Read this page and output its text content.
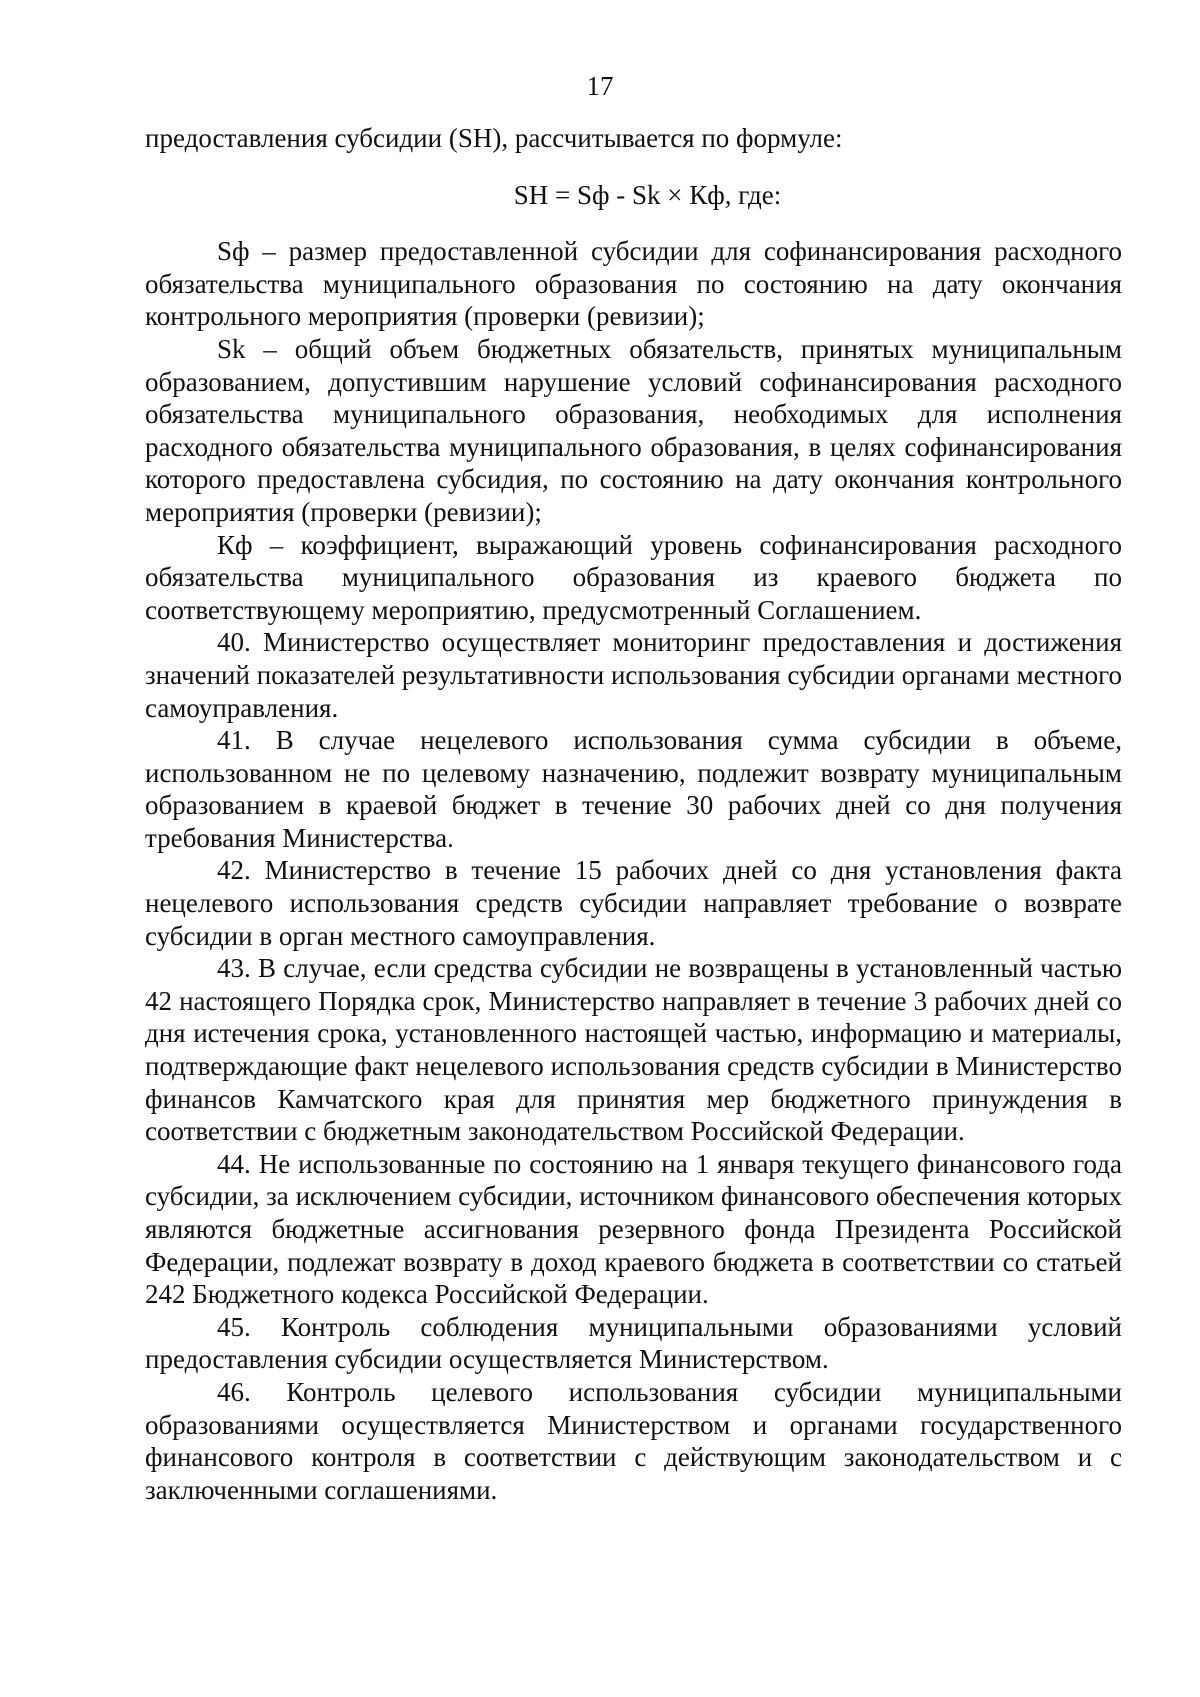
17

предоставления субсидии (SH), рассчитывается по формуле:

SH = Sф - Sk × Кф, где:

Sф – размер предоставленной субсидии для софинансирования расходного обязательства муниципального образования по состоянию на дату окончания контрольного мероприятия (проверки (ревизии);

Sk – общий объем бюджетных обязательств, принятых муниципальным образованием, допустившим нарушение условий софинансирования расходного обязательства муниципального образования, необходимых для исполнения расходного обязательства муниципального образования, в целях софинансирования которого предоставлена субсидия, по состоянию на дату окончания контрольного мероприятия (проверки (ревизии);

Кф – коэффициент, выражающий уровень софинансирования расходного обязательства муниципального образования из краевого бюджета по соответствующему мероприятию, предусмотренный Соглашением.

40. Министерство осуществляет мониторинг предоставления и достижения значений показателей результативности использования субсидии органами местного самоуправления.

41. В случае нецелевого использования сумма субсидии в объеме, использованном не по целевому назначению, подлежит возврату муниципальным образованием в краевой бюджет в течение 30 рабочих дней со дня получения требования Министерства.

42. Министерство в течение 15 рабочих дней со дня установления факта нецелевого использования средств субсидии направляет требование о возврате субсидии в орган местного самоуправления.

43. В случае, если средства субсидии не возвращены в установленный частью 42 настоящего Порядка срок, Министерство направляет в течение 3 рабочих дней со дня истечения срока, установленного настоящей частью, информацию и материалы, подтверждающие факт нецелевого использования средств субсидии в Министерство финансов Камчатского края для принятия мер бюджетного принуждения в соответствии с бюджетным законодательством Российской Федерации.

44. Не использованные по состоянию на 1 января текущего финансового года субсидии, за исключением субсидии, источником финансового обеспечения которых являются бюджетные ассигнования резервного фонда Президента Российской Федерации, подлежат возврату в доход краевого бюджета в соответствии со статьей 242 Бюджетного кодекса Российской Федерации.

45. Контроль соблюдения муниципальными образованиями условий предоставления субсидии осуществляется Министерством.

46. Контроль целевого использования субсидии муниципальными образованиями осуществляется Министерством и органами государственного финансового контроля в соответствии с действующим законодательством и с заключенными соглашениями.
